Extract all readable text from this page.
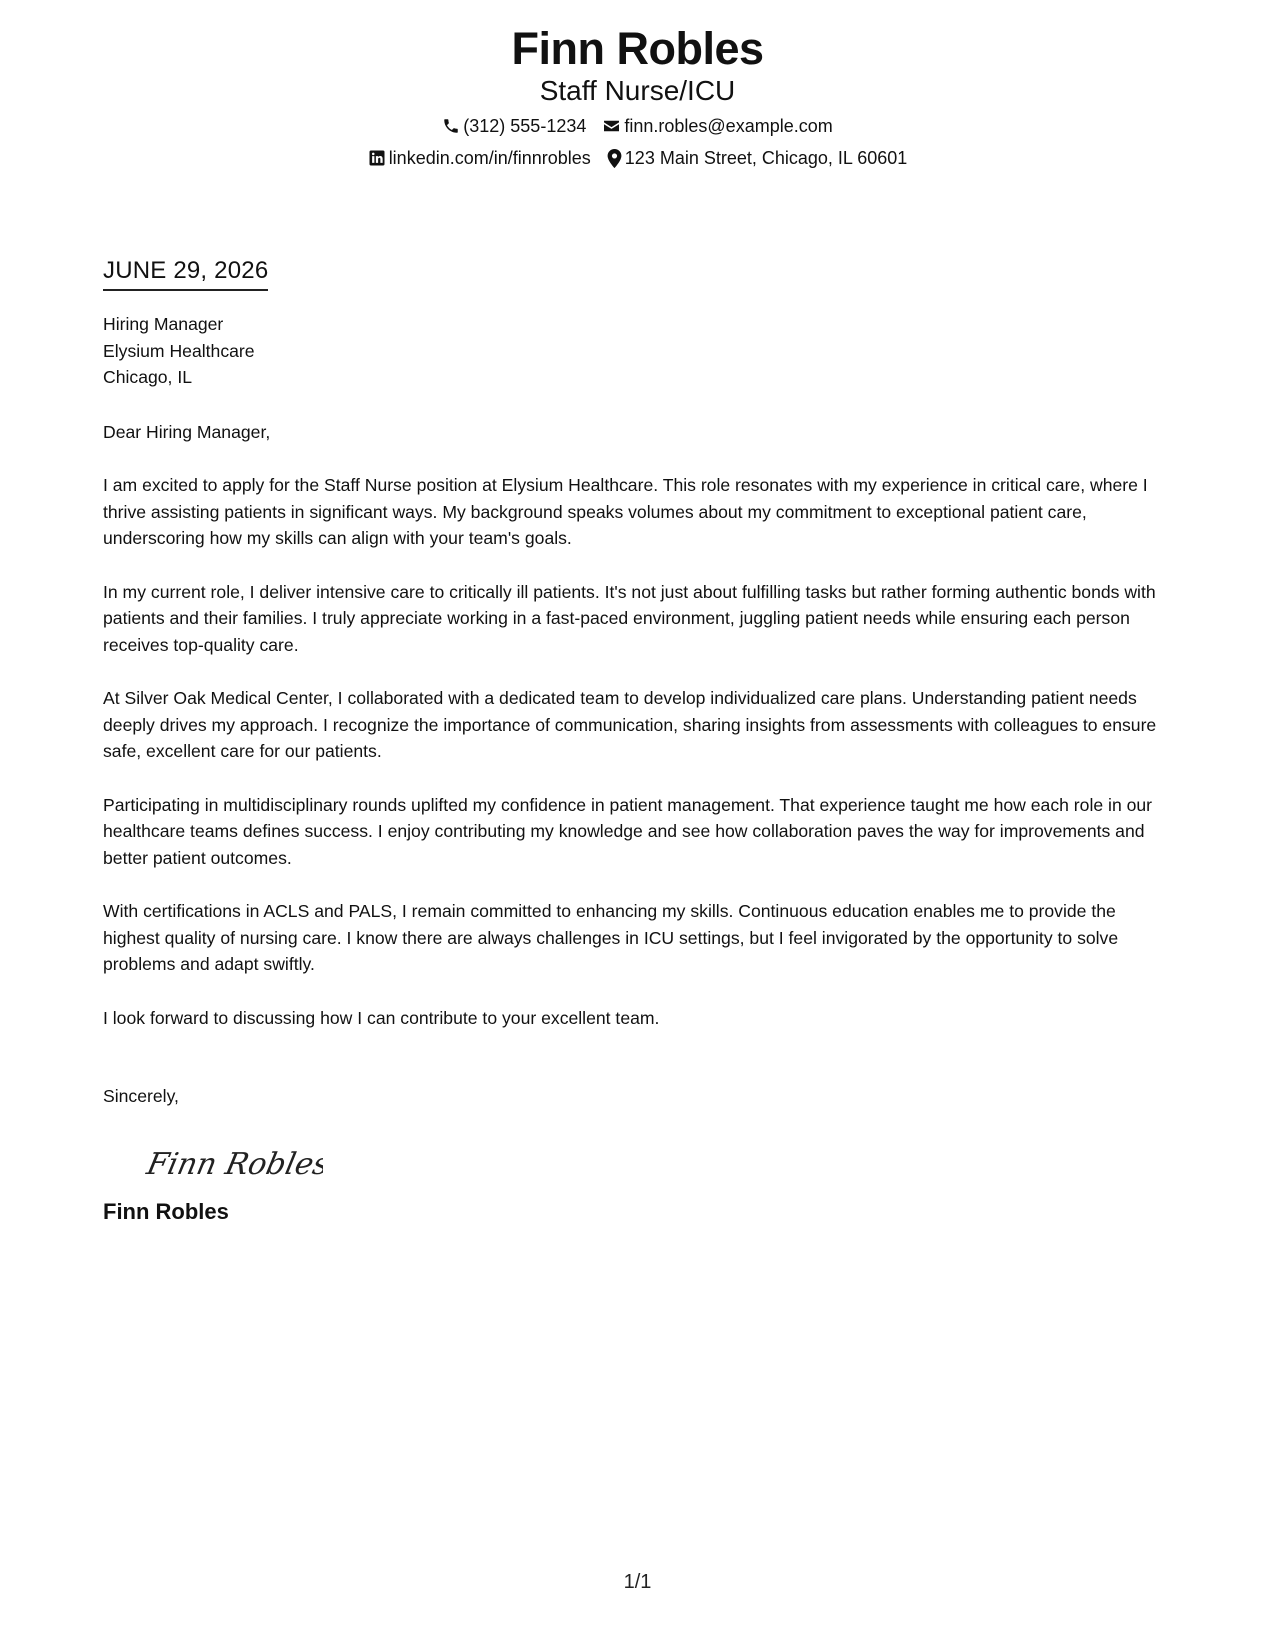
Finn Robles
Staff Nurse/ICU
(312) 555-1234 finn.robles@example.com
linkedin.com/in/finnrobles 123 Main Street, Chicago, IL 60601
JUNE 29, 2026
Hiring Manager
Elysium Healthcare
Chicago, IL
Dear Hiring Manager,
I am excited to apply for the Staff Nurse position at Elysium Healthcare. This role resonates with my experience in critical care, where I thrive assisting patients in significant ways. My background speaks volumes about my commitment to exceptional patient care, underscoring how my skills can align with your team's goals.
In my current role, I deliver intensive care to critically ill patients. It's not just about fulfilling tasks but rather forming authentic bonds with patients and their families. I truly appreciate working in a fast-paced environment, juggling patient needs while ensuring each person receives top-quality care.
At Silver Oak Medical Center, I collaborated with a dedicated team to develop individualized care plans. Understanding patient needs deeply drives my approach. I recognize the importance of communication, sharing insights from assessments with colleagues to ensure safe, excellent care for our patients.
Participating in multidisciplinary rounds uplifted my confidence in patient management. That experience taught me how each role in our healthcare teams defines success. I enjoy contributing my knowledge and see how collaboration paves the way for improvements and better patient outcomes.
With certifications in ACLS and PALS, I remain committed to enhancing my skills. Continuous education enables me to provide the highest quality of nursing care. I know there are always challenges in ICU settings, but I feel invigorated by the opportunity to solve problems and adapt swiftly.
I look forward to discussing how I can contribute to your excellent team.
Sincerely,
Finn Robles
Finn Robles
1/1
